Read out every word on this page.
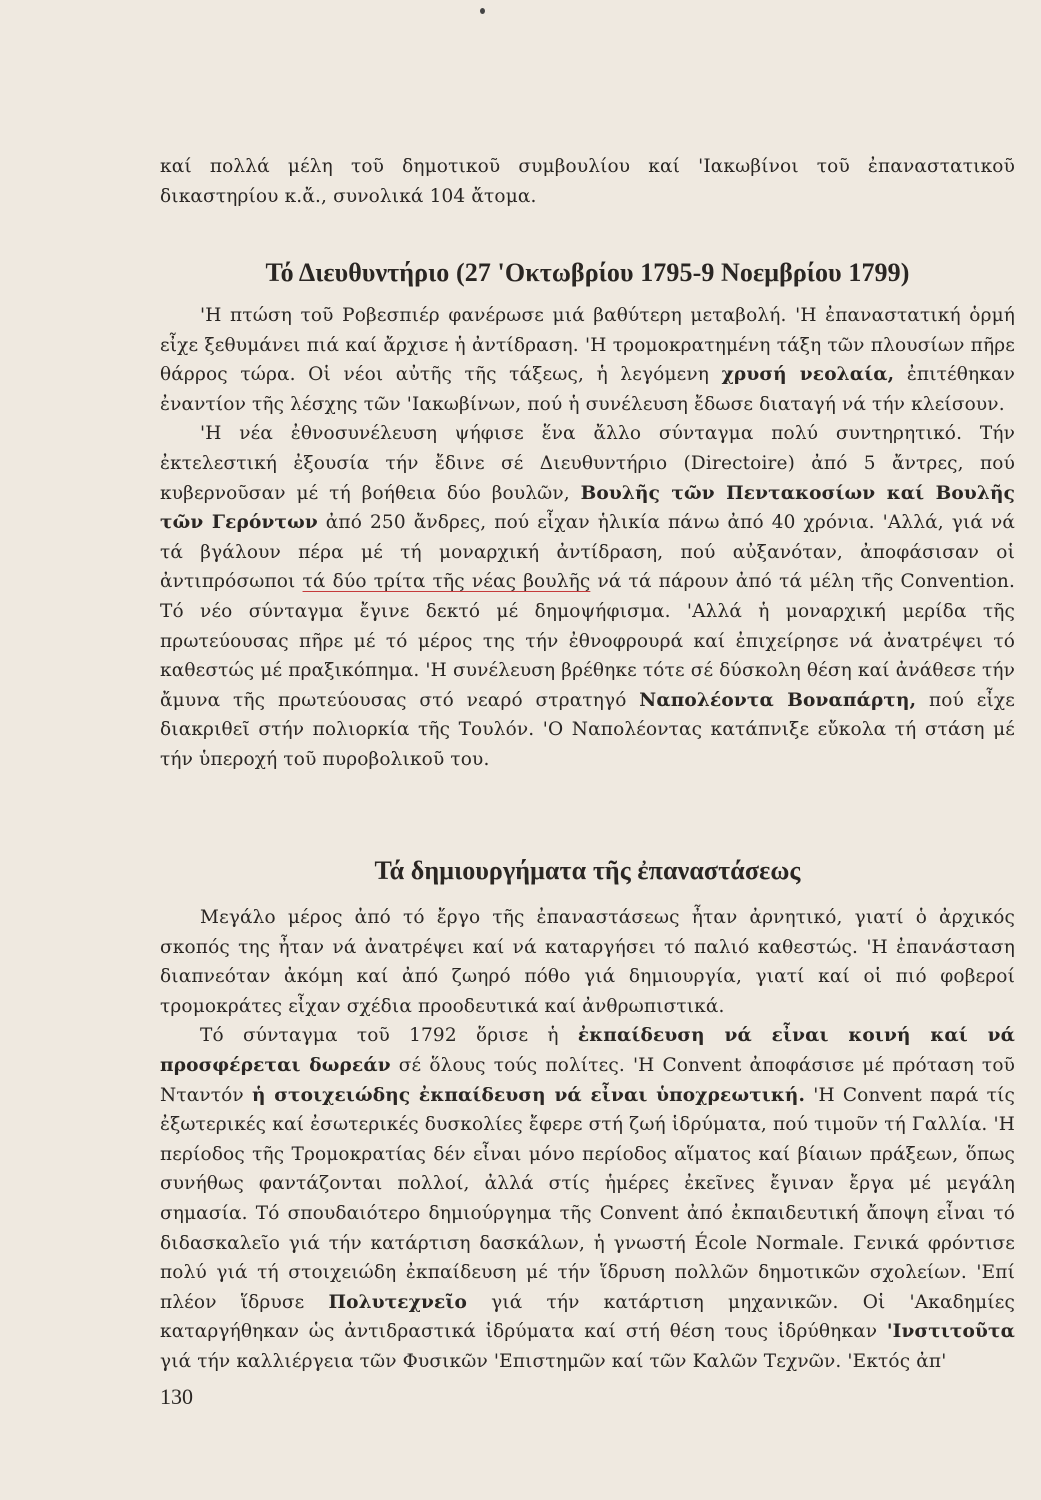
καί πολλά μέλη τοῦ δημοτικοῦ συμβουλίου καί 'Ιακωβίνοι τοῦ ἐπαναστατικοῦ δικαστηρίου κ.ἄ., συνολικά 104 ἄτομα.

Τό Διευθυντήριο (27 'Οκτωβρίου 1795-9 Νοεμβρίου 1799)

'Η πτώση τοῦ Ροβεσπιέρ φανέρωσε μιά βαθύτερη μεταβολή. 'Η ἐπαναστατική ὁρμή εἶχε ξεθυμάνει πιά καί ἄρχισε ἡ ἀντίδραση. 'Η τρομοκρατημένη τάξη τῶν πλουσίων πῆρε θάρρος τώρα. Οἱ νέοι αὐτῆς τῆς τάξεως, ἡ λεγόμενη χρυσή νεολαία, ἐπιτέθηκαν ἐναντίον τῆς λέσχης τῶν 'Ιακωβίνων, πού ἡ συνέλευση ἔδωσε διαταγή νά τήν κλείσουν.

'Η νέα ἐθνοσυνέλευση ψήφισε ἕνα ἄλλο σύνταγμα πολύ συντηρητικό. Τήν ἐκτελεστική ἐξουσία τήν ἔδινε σέ Διευθυντήριο (Directoire) ἀπό 5 ἄντρες, πού κυβερνοῦσαν μέ τή βοήθεια δύο βουλῶν, Βουλῆς τῶν Πεντακοσίων καί Βουλῆς τῶν Γερόντων ἀπό 250 ἄνδρες, πού εἶχαν ἡλικία πάνω ἀπό 40 χρόνια. 'Αλλά, γιά νά τά βγάλουν πέρα μέ τή μοναρχική ἀντίδραση, πού αὐξανόταν, ἀποφάσισαν οἱ ἀντιπρόσωποι τά δύο τρίτα τῆς νέας βουλῆς νά τά πάρουν ἀπό τά μέλη τῆς Convention. Τό νέο σύνταγμα ἔγινε δεκτό μέ δημοψήφισμα. 'Αλλά ἡ μοναρχική μερίδα τῆς πρωτεύουσας πῆρε μέ τό μέρος της τήν ἐθνοφρουρά καί ἐπιχείρησε νά ἀνατρέψει τό καθεστώς μέ πραξικόπημα. 'Η συνέλευση βρέθηκε τότε σέ δύσκολη θέση καί ἀνάθεσε τήν ἄμυνα τῆς πρωτεύουσας στό νεαρό στρατηγό Ναπολέοντα Βοναπάρτη, πού εἶχε διακριθεῖ στήν πολιορκία τῆς Τουλόν. 'Ο Ναπολέοντας κατάπνιξε εὔκολα τή στάση μέ τήν ὑπεροχή τοῦ πυροβολικοῦ του.

Τά δημιουργήματα τῆς ἐπαναστάσεως

Μεγάλο μέρος ἀπό τό ἔργο τῆς ἐπαναστάσεως ἦταν ἀρνητικό, γιατί ὁ ἀρχικός σκοπός της ἦταν νά ἀνατρέψει καί νά καταργήσει τό παλιό καθεστώς. 'Η ἐπανάσταση διαπνεόταν ἀκόμη καί ἀπό ζωηρό πόθο γιά δημιουργία, γιατί καί οἱ πιό φοβεροί τρομοκράτες εἶχαν σχέδια προοδευτικά καί ἀνθρωπιστικά.

Τό σύνταγμα τοῦ 1792 ὅρισε ἡ ἐκπαίδευση νά εἶναι κοινή καί νά προσφέρεται δωρεάν σέ ὅλους τούς πολίτες. 'Η Convent ἀποφάσισε μέ πρόταση τοῦ Νταντόν ἡ στοιχειώδης ἐκπαίδευση νά εἶναι ὑποχρεωτική. 'Η Convent παρά τίς ἐξωτερικές καί ἐσωτερικές δυσκολίες ἔφερε στή ζωή ἱδρύματα, πού τιμοῦν τή Γαλλία. 'Η περίοδος τῆς Τρομοκρατίας δέν εἶναι μόνο περίοδος αἵματος καί βίαιων πράξεων, ὅπως συνήθως φαντάζονται πολλοί, ἀλλά στίς ἡμέρες ἐκεῖνες ἔγιναν ἔργα μέ μεγάλη σημασία. Τό σπουδαιότερο δημιούργημα τῆς Convent ἀπό ἐκπαιδευτική ἄποψη εἶναι τό διδασκαλεῖο γιά τήν κατάρτιση δασκάλων, ἡ γνωστή École Normale. Γενικά φρόντισε πολύ γιά τή στοιχειώδη ἐκπαίδευση μέ τήν ἵδρυση πολλῶν δημοτικῶν σχολείων. 'Επί πλέον ἵδρυσε Πολυτεχνεῖο γιά τήν κατάρτιση μηχανικῶν. Οἱ 'Ακαδημίες καταργήθηκαν ὡς ἀντιδραστικά ἱδρύματα καί στή θέση τους ἱδρύθηκαν 'Ινστιτοῦτα γιά τήν καλλιέργεια τῶν Φυσικῶν 'Επιστημῶν καί τῶν Καλῶν Τεχνῶν. 'Εκτός ἀπ'

130
